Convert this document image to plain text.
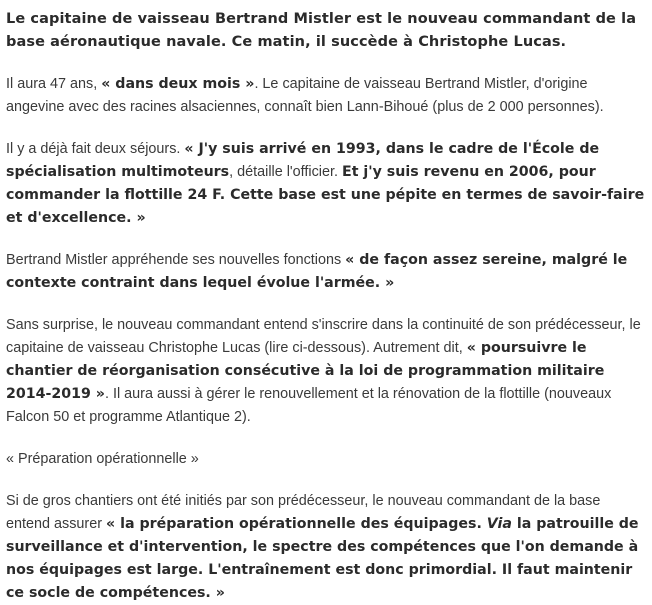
Le capitaine de vaisseau Bertrand Mistler est le nouveau commandant de la base aéronautique navale. Ce matin, il succède à Christophe Lucas.

Il aura 47 ans, « dans deux mois ». Le capitaine de vaisseau Bertrand Mistler, d'origine angevine avec des racines alsaciennes, connaît bien Lann-Bihoué (plus de 2 000 personnes).

Il y a déjà fait deux séjours. « J'y suis arrivé en 1993, dans le cadre de l'École de spécialisation multimoteurs, détaille l'officier. Et j'y suis revenu en 2006, pour commander la flottille 24 F. Cette base est une pépite en termes de savoir-faire et d'excellence. »

Bertrand Mistler appréhende ses nouvelles fonctions « de façon assez sereine, malgré le contexte contraint dans lequel évolue l'armée. »

Sans surprise, le nouveau commandant entend s'inscrire dans la continuité de son prédécesseur, le capitaine de vaisseau Christophe Lucas (lire ci-dessous). Autrement dit, « poursuivre le chantier de réorganisation consécutive à la loi de programmation militaire 2014-2019 ». Il aura aussi à gérer le renouvellement et la rénovation de la flottille (nouveaux Falcon 50 et programme Atlantique 2).

« Préparation opérationnelle »

Si de gros chantiers ont été initiés par son prédécesseur, le nouveau commandant de la base entend assurer « la préparation opérationnelle des équipages. Via la patrouille de surveillance et d'intervention, le spectre des compétences que l'on demande à nos équipages est large. L'entraînement est donc primordial. Il faut maintenir ce socle de compétences. »
